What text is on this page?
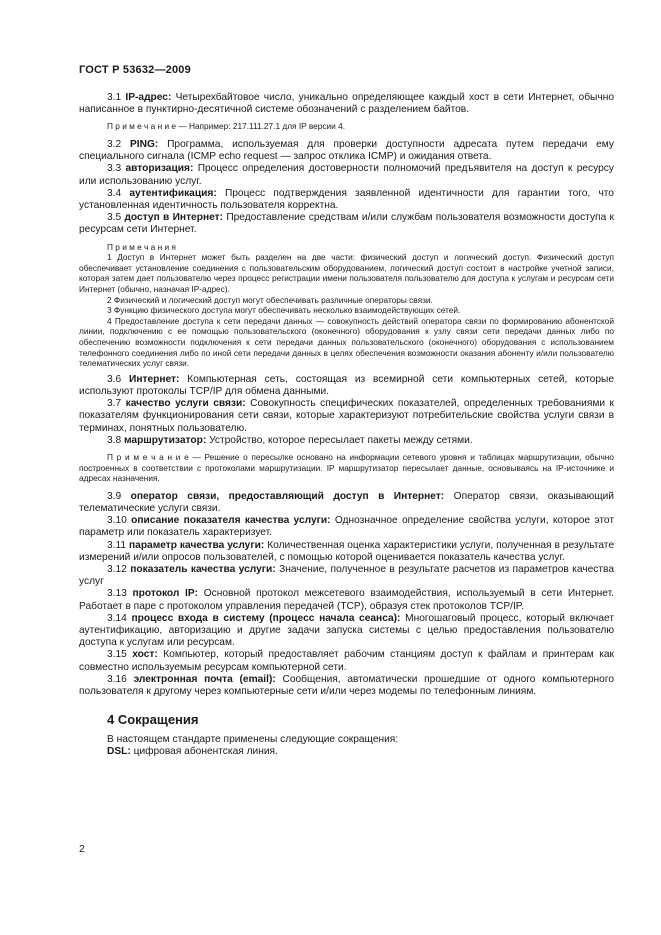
ГОСТ Р 53632—2009

3.1 IP-адрес: Четырехбайтовое число, уникально определяющее каждый хост в сети Интернет, обычно написанное в пунктирно-десятичной системе обозначений с разделением байтов.

П р и м е ч а н и е — Например: 217.111.27.1 для IP версии 4.

3.2 PING: Программа, используемая для проверки доступности адресата путем передачи ему специального сигнала (ICMP echo request — запрос отклика ICMP) и ожидания ответа.

3.3 авторизация: Процесс определения достоверности полномочий предъявителя на доступ к ресурсу или использованию услуг.

3.4 аутентификация: Процесс подтверждения заявленной идентичности для гарантии того, что установленная идентичность пользователя корректна.

3.5 доступ в Интернет: Предоставление средствам и/или службам пользователя возможности доступа к ресурсам сети Интернет.

П р и м е ч а н и я

1 Доступ в Интернет может быть разделен на две части: физический доступ и логический доступ. Физический доступ обеспечивает установление соединения с пользовательским оборудованием, логический доступ состоит в настройке учетной записи, которая затем дает пользователю через процесс регистрации имени пользователя пользователю для доступа к услугам и ресурсам сети Интернет (обычно, назначая IP-адрес).

2 Физический и логический доступ могут обеспечивать различные операторы связи.

3 Функцию физического доступа могут обеспечивать несколько взаимодействующих сетей.

4 Предоставление доступа к сети передачи данных — совокупность действий оператора связи по формированию абонентской линии, подключению с ее помощью пользовательского (оконечного) оборудования к узлу связи сети передачи данных либо по обеспечению возможности подключения к сети передачи данных пользовательского (оконечного) оборудования с использованием телефонного соединения либо по иной сети передачи данных в целях обеспечения возможности оказания абоненту и/или пользователю телематических услуг связи.

3.6 Интернет: Компьютерная сеть, состоящая из всемирной сети компьютерных сетей, которые используют протоколы TCP/IP для обмена данными.

3.7 качество услуги связи: Совокупность специфических показателей, определенных требованиями к показателям функционирования сети связи, которые характеризуют потребительские свойства услуги связи в терминах, понятных пользователю.

3.8 маршрутизатор: Устройство, которое пересылает пакеты между сетями.

П р и м е ч а н и е — Решение о пересылке основано на информации сетевого уровня и таблицах маршрутизации, обычно построенных в соответствии с протоколами маршрутизации. IP маршрутизатор пересылает данные, основываясь на IP-источнике и адресах назначения.

3.9 оператор связи, предоставляющий доступ в Интернет: Оператор связи, оказывающий телематические услуги связи.

3.10 описание показателя качества услуги: Однозначное определение свойства услуги, которое этот параметр или показатель характеризует.

3.11 параметр качества услуги: Количественная оценка характеристики услуги, полученная в результате измерений и/или опросов пользователей, с помощью которой оценивается показатель качества услуг.

3.12 показатель качества услуги: Значение, полученное в результате расчетов из параметров качества услуг

3.13 протокол IP: Основной протокол межсетевого взаимодействия, используемый в сети Интернет. Работает в паре с протоколом управления передачей (TCP), образуя стек протоколов TCP/IP.

3.14 процесс входа в систему (процесс начала сеанса): Многошаговый процесс, который включает аутентификацию, авторизацию и другие задачи запуска системы с целью предоставления пользователю доступа к услугам или ресурсам.

3.15 хост: Компьютер, который предоставляет рабочим станциям доступ к файлам и принтерам как совместно используемым ресурсам компьютерной сети.

3.16 электронная почта (email): Сообщения, автоматически прошедшие от одного компьютерного пользователя к другому через компьютерные сети и/или через модемы по телефонным линиям.

4 Сокращения

В настоящем стандарте применены следующие сокращения:

DSL: цифровая абонентская линия.

2
